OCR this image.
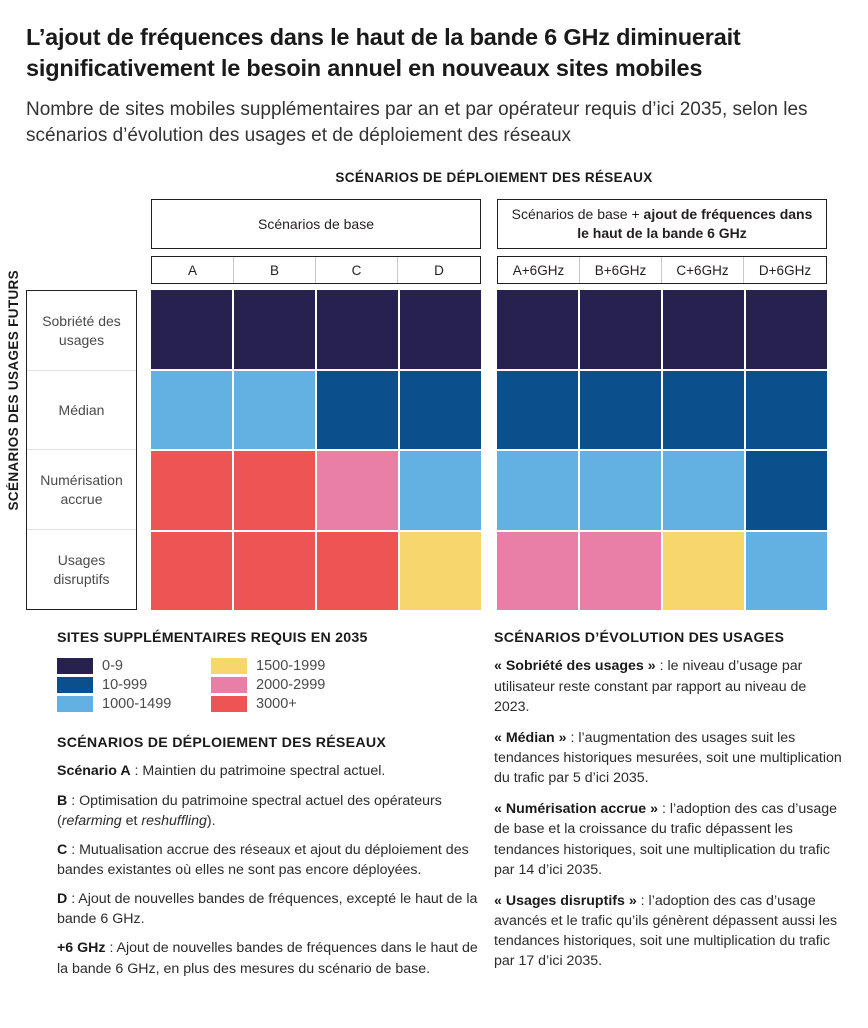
L’ajout de fréquences dans le haut de la bande 6 GHz diminuerait significativement le besoin annuel en nouveaux sites mobiles

Nombre de sites mobiles supplémentaires par an et par opérateur requis d’ici 2035, selon les scénarios d’évolution des usages et de déploiement des réseaux

SCÉNARIOS DES USAGES FUTURS
SCÉNARIOS DE DÉPLOIEMENT DES RÉSEAUX
Scénarios de base
Scénarios de base + ajout de fréquences dans le haut de la bande 6 GHz
A	B	C	D	A+6GHz	B+6GHz	C+6GHz	D+6GHz
Sobriété des usages
Médian
Numérisation accrue
Usages disruptifs
SITES SUPPLÉMENTAIRES REQUIS EN 2035
0-9	1500-1999
10-999	2000-2999
1000-1499	3000+
SCÉNARIOS DE DÉPLOIEMENT DES RÉSEAUX

Scénario A : Maintien du patrimoine spectral actuel.

B : Optimisation du patrimoine spectral actuel des opérateurs (refarming et reshuffling).

C : Mutualisation accrue des réseaux et ajout du déploiement des bandes existantes où elles ne sont pas encore déployées.

D : Ajout de nouvelles bandes de fréquences, excepté le haut de la bande 6 GHz.

+6 GHz : Ajout de nouvelles bandes de fréquences dans le haut de la bande 6 GHz, en plus des mesures du scénario de base.

SCÉNARIOS D’ÉVOLUTION DES USAGES

« Sobriété des usages » : le niveau d’usage par utilisateur reste constant par rapport au niveau de 2023.

« Médian » : l’augmentation des usages suit les tendances historiques mesurées, soit une multiplication du trafic par 5 d’ici 2035.

« Numérisation accrue » : l’adoption des cas d’usage de base et la croissance du trafic dépassent les tendances historiques, soit une multiplication du trafic par 14 d’ici 2035.

« Usages disruptifs » : l’adoption des cas d’usage avancés et le trafic qu’ils génèrent dépassent aussi les tendances historiques, soit une multiplication du trafic par 17 d’ici 2035.
